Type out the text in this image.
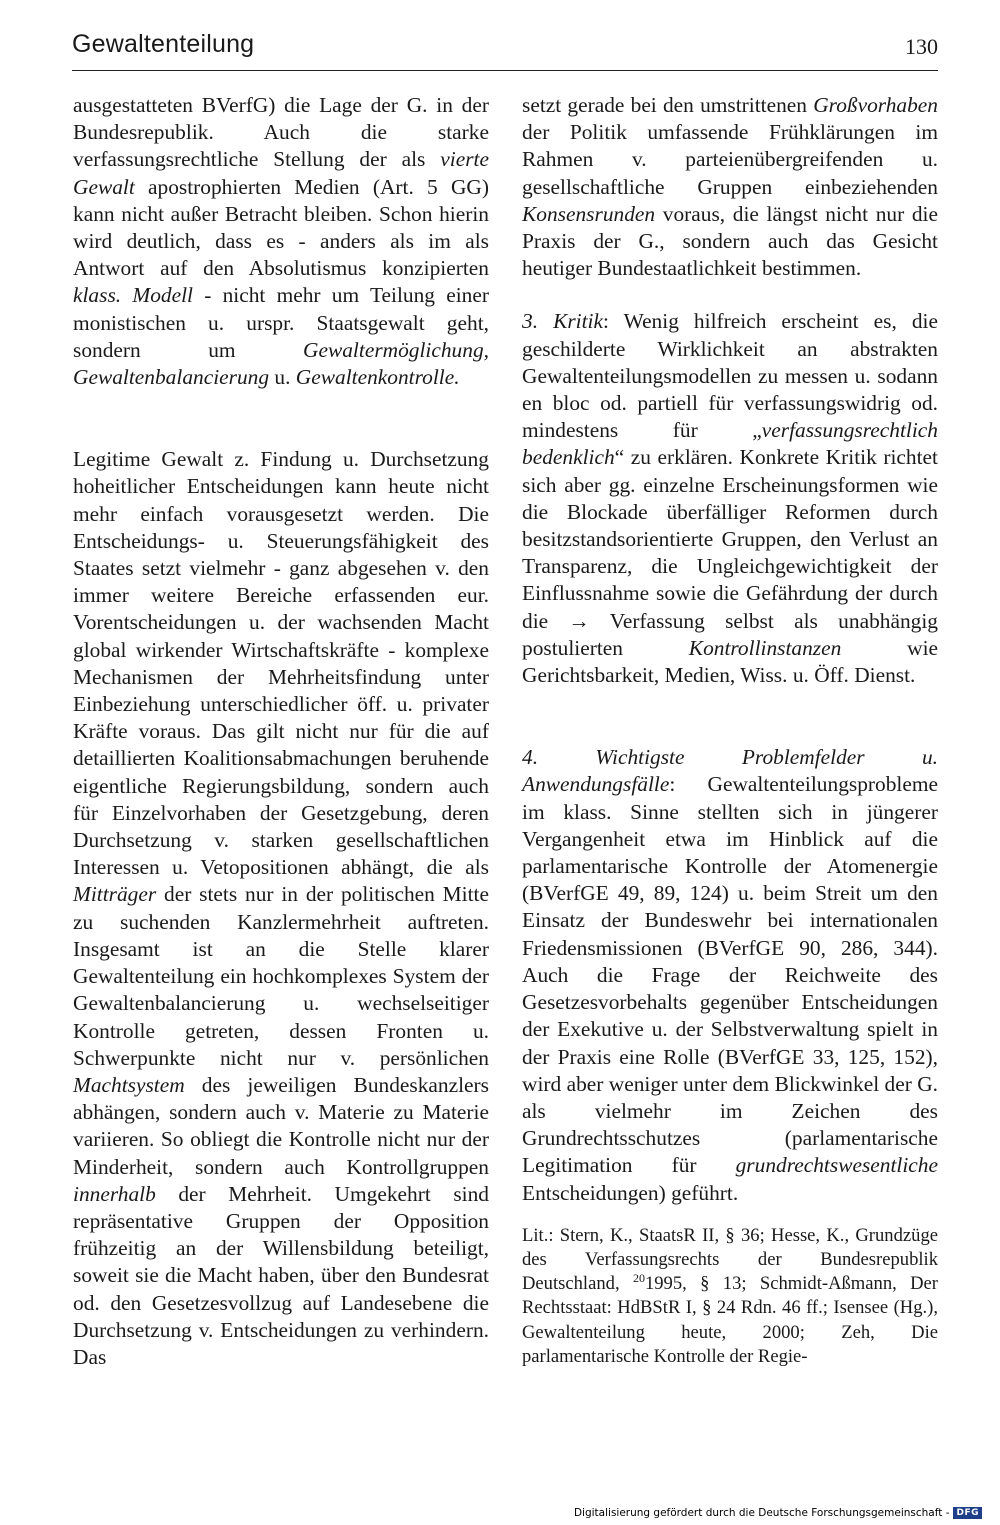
Gewaltenteilung	130

ausgestatteten BVerfG) die Lage der G. in der Bundesrepublik. Auch die starke verfassungsrechtliche Stellung der als vierte Gewalt apostrophierten Medien (Art. 5 GG) kann nicht außer Betracht bleiben. Schon hierin wird deutlich, dass es - anders als im als Antwort auf den Absolutismus konzipierten klass. Modell - nicht mehr um Teilung einer monistischen u. urspr. Staatsgewalt geht, sondern um Gewaltermöglichung, Gewaltenbalancierung u. Gewaltenkontrolle.

Legitime Gewalt z. Findung u. Durchsetzung hoheitlicher Entscheidungen kann heute nicht mehr einfach vorausgesetzt werden. Die Entscheidungs- u. Steuerungsfähigkeit des Staates setzt vielmehr - ganz abgesehen v. den immer weitere Bereiche erfassenden eur. Vorentscheidungen u. der wachsenden Macht global wirkender Wirtschaftskräfte - komplexe Mechanismen der Mehrheitsfindung unter Einbeziehung unterschiedlicher öff. u. privater Kräfte voraus. Das gilt nicht nur für die auf detaillierten Koalitionsabmachungen beruhende eigentliche Regierungsbildung, sondern auch für Einzelvorhaben der Gesetzgebung, deren Durchsetzung v. starken gesellschaftlichen Interessen u. Vetopositionen abhängt, die als Mitträger der stets nur in der politischen Mitte zu suchenden Kanzlermehrheit auftreten. Insgesamt ist an die Stelle klarer Gewaltenteilung ein hochkomplexes System der Gewaltenbalancierung u. wechselseitiger Kontrolle getreten, dessen Fronten u. Schwerpunkte nicht nur v. persönlichen Machtsystem des jeweiligen Bundeskanzlers abhängen, sondern auch v. Materie zu Materie variieren. So obliegt die Kontrolle nicht nur der Minderheit, sondern auch Kontrollgruppen innerhalb der Mehrheit. Umgekehrt sind repräsentative Gruppen der Opposition frühzeitig an der Willensbildung beteiligt, soweit sie die Macht haben, über den Bundesrat od. den Gesetzesvollzug auf Landesebene die Durchsetzung v. Entscheidungen zu verhindern. Das

setzt gerade bei den umstrittenen Großvorhaben der Politik umfassende Frühklärungen im Rahmen v. parteienübergreifenden u. gesellschaftliche Gruppen einbeziehenden Konsensrunden voraus, die längst nicht nur die Praxis der G., sondern auch das Gesicht heutiger Bundestaatlichkeit bestimmen.

3. Kritik: Wenig hilfreich erscheint es, die geschilderte Wirklichkeit an abstrakten Gewaltenteilungsmodellen zu messen u. sodann en bloc od. partiell für verfassungswidrig od. mindestens für „verfassungsrechtlich bedenklich“ zu erklären. Konkrete Kritik richtet sich aber gg. einzelne Erscheinungsformen wie die Blockade überfälliger Reformen durch besitzstandsorientierte Gruppen, den Verlust an Transparenz, die Ungleichgewichtigkeit der Einflussnahme sowie die Gefährdung der durch die → Verfassung selbst als unabhängig postulierten Kontrollinstanzen wie Gerichtsbarkeit, Medien, Wiss. u. Öff. Dienst.

4. Wichtigste Problemfelder u. Anwendungsfälle: Gewaltenteilungsprobleme im klass. Sinne stellten sich in jüngerer Vergangenheit etwa im Hinblick auf die parlamentarische Kontrolle der Atomenergie (BVerfGE 49, 89, 124) u. beim Streit um den Einsatz der Bundeswehr bei internationalen Friedensmissionen (BVerfGE 90, 286, 344). Auch die Frage der Reichweite des Gesetzesvorbehalts gegenüber Entscheidungen der Exekutive u. der Selbstverwaltung spielt in der Praxis eine Rolle (BVerfGE 33, 125, 152), wird aber weniger unter dem Blickwinkel der G. als vielmehr im Zeichen des Grundrechtsschutzes (parlamentarische Legitimation für grundrechtswesentliche Entscheidungen) geführt.

Lit.: Stern, K., StaatsR II, § 36; Hesse, K., Grundzüge des Verfassungsrechts der Bundesrepublik Deutschland, $^{20}$1995, § 13; Schmidt-Aßmann, Der Rechtsstaat: HdBStR I, § 24 Rdn. 46 ff.; Isensee (Hg.), Gewaltenteilung heute, 2000; Zeh, Die parlamentarische Kontrolle der Regie-

Digitalisierung gefördert durch die Deutsche Forschungsgemeinschaft - DFG
